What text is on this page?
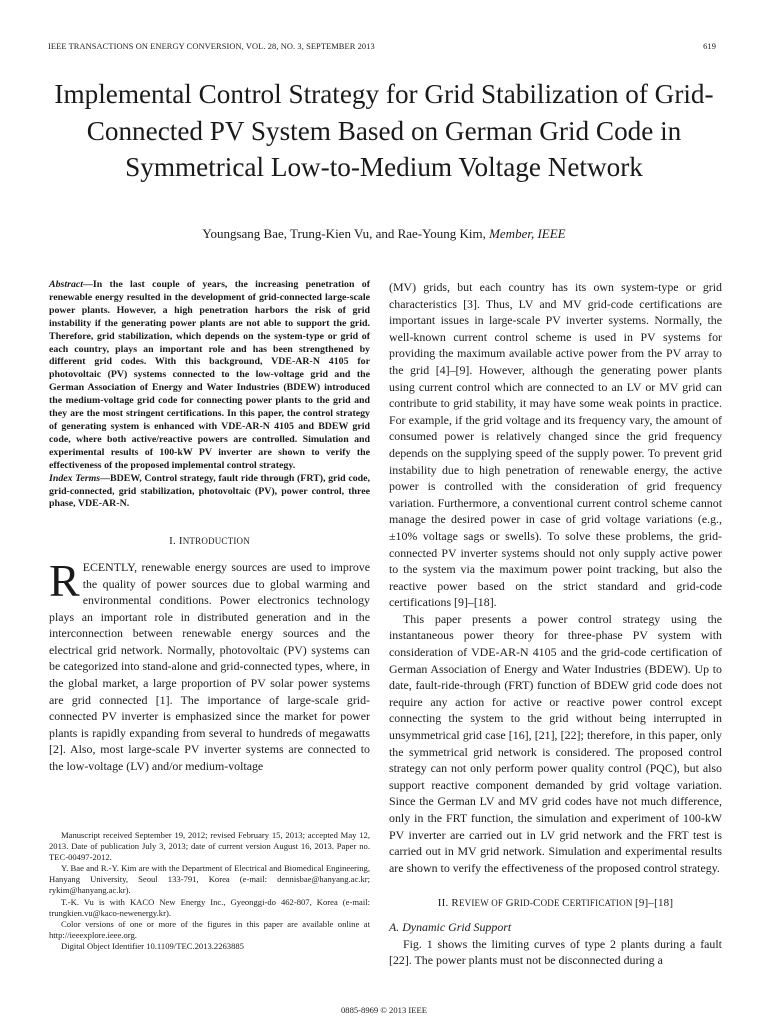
IEEE TRANSACTIONS ON ENERGY CONVERSION, VOL. 28, NO. 3, SEPTEMBER 2013	619
Implemental Control Strategy for Grid Stabilization of Grid-Connected PV System Based on German Grid Code in Symmetrical Low-to-Medium Voltage Network
Youngsang Bae, Trung-Kien Vu, and Rae-Young Kim, Member, IEEE

Abstract—In the last couple of years, the increasing penetration of renewable energy resulted in the development of grid-connected large-scale power plants. However, a high penetration harbors the risk of grid instability if the generating power plants are not able to support the grid. Therefore, grid stabilization, which depends on the system-type or grid of each country, plays an important role and has been strengthened by different grid codes. With this background, VDE-AR-N 4105 for photovoltaic (PV) systems connected to the low-voltage grid and the German Association of Energy and Water Industries (BDEW) introduced the medium-voltage grid code for connecting power plants to the grid and they are the most stringent certifications. In this paper, the control strategy of generating system is enhanced with VDE-AR-N 4105 and BDEW grid code, where both active/reactive powers are controlled. Simulation and experimental results of 100-kW PV inverter are shown to verify the effectiveness of the proposed implemental control strategy.

Index Terms—BDEW, Control strategy, fault ride through (FRT), grid code, grid-connected, grid stabilization, photovoltaic (PV), power control, three phase, VDE-AR-N.

I. INTRODUCTION

RECENTLY, renewable energy sources are used to improve the quality of power sources due to global warming and environmental conditions. Power electronics technology plays an important role in distributed generation and in the interconnection between renewable energy sources and the electrical grid network. Normally, photovoltaic (PV) systems can be categorized into stand-alone and grid-connected types, where, in the global market, a large proportion of PV solar power systems are grid connected [1]. The importance of large-scale grid-connected PV inverter is emphasized since the market for power plants is rapidly expanding from several to hundreds of megawatts [2]. Also, most large-scale PV inverter systems are connected to the low-voltage (LV) and/or medium-voltage

Manuscript received September 19, 2012; revised February 15, 2013; accepted May 12, 2013. Date of publication July 3, 2013; date of current version August 16, 2013. Paper no. TEC-00497-2012.

Y. Bae and R.-Y. Kim are with the Department of Electrical and Biomedical Engineering, Hanyang University, Seoul 133-791, Korea (e-mail: dennisbae@hanyang.ac.kr; rykim@hanyang.ac.kr).

T.-K. Vu is with KACO New Energy Inc., Gyeonggi-do 462-807, Korea (e-mail: trungkien.vu@kaco-newenergy.kr).

Color versions of one or more of the figures in this paper are available online at http://ieeexplore.ieee.org.

Digital Object Identifier 10.1109/TEC.2013.2263885

(MV) grids, but each country has its own system-type or grid characteristics [3]. Thus, LV and MV grid-code certifications are important issues in large-scale PV inverter systems. Normally, the well-known current control scheme is used in PV systems for providing the maximum available active power from the PV array to the grid [4]–[9]. However, although the generating power plants using current control which are connected to an LV or MV grid can contribute to grid stability, it may have some weak points in practice. For example, if the grid voltage and its frequency vary, the amount of consumed power is relatively changed since the grid frequency depends on the supplying speed of the supply power. To prevent grid instability due to high penetration of renewable energy, the active power is controlled with the consideration of grid frequency variation. Furthermore, a conventional current control scheme cannot manage the desired power in case of grid voltage variations (e.g., ±10% voltage sags or swells). To solve these problems, the grid-connected PV inverter systems should not only supply active power to the system via the maximum power point tracking, but also the reactive power based on the strict standard and grid-code certifications [9]–[18].

This paper presents a power control strategy using the instantaneous power theory for three-phase PV system with consideration of VDE-AR-N 4105 and the grid-code certification of German Association of Energy and Water Industries (BDEW). Up to date, fault-ride-through (FRT) function of BDEW grid code does not require any action for active or reactive power control except connecting the system to the grid without being interrupted in unsymmetrical grid case [16], [21], [22]; therefore, in this paper, only the symmetrical grid network is considered. The proposed control strategy can not only perform power quality control (PQC), but also support reactive component demanded by grid voltage variation. Since the German LV and MV grid codes have not much difference, only in the FRT function, the simulation and experiment of 100-kW PV inverter are carried out in LV grid network and the FRT test is carried out in MV grid network. Simulation and experimental results are shown to verify the effectiveness of the proposed control strategy.

II. REVIEW OF GRID-CODE CERTIFICATION [9]–[18]

A. Dynamic Grid Support

Fig. 1 shows the limiting curves of type 2 plants during a fault [22]. The power plants must not be disconnected during a

0885-8969 © 2013 IEEE
